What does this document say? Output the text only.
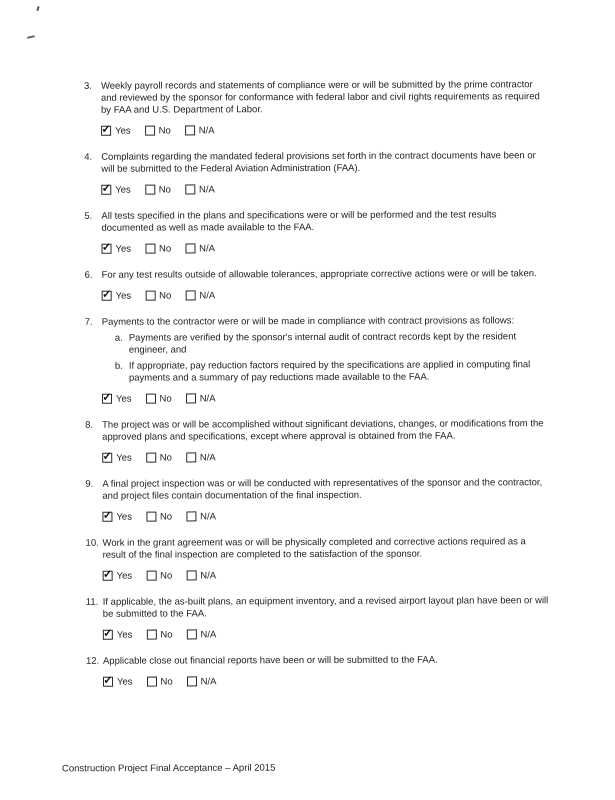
3. Weekly payroll records and statements of compliance were or will be submitted by the prime contractor and reviewed by the sponsor for conformance with federal labor and civil rights requirements as required by FAA and U.S. Department of Labor.
✓ Yes	No	N/A
4. Complaints regarding the mandated federal provisions set forth in the contract documents have been or will be submitted to the Federal Aviation Administration (FAA).
✓ Yes	No	N/A
5. All tests specified in the plans and specifications were or will be performed and the test results documented as well as made available to the FAA.
✓ Yes	No	N/A
6. For any test results outside of allowable tolerances, appropriate corrective actions were or will be taken.
✓ Yes	No	N/A
7. Payments to the contractor were or will be made in compliance with contract provisions as follows:
a. Payments are verified by the sponsor's internal audit of contract records kept by the resident engineer, and
b. If appropriate, pay reduction factors required by the specifications are applied in computing final payments and a summary of pay reductions made available to the FAA.
✓ Yes	No	N/A
8. The project was or will be accomplished without significant deviations, changes, or modifications from the approved plans and specifications, except where approval is obtained from the FAA.
✓ Yes	No	N/A
9. A final project inspection was or will be conducted with representatives of the sponsor and the contractor, and project files contain documentation of the final inspection.
✓ Yes	No	N/A
10. Work in the grant agreement was or will be physically completed and corrective actions required as a result of the final inspection are completed to the satisfaction of the sponsor.
✓ Yes	No	N/A
11. If applicable, the as-built plans, an equipment inventory, and a revised airport layout plan have been or will be submitted to the FAA.
✓ Yes	No	N/A
12. Applicable close out financial reports have been or will be submitted to the FAA.
✓ Yes	No	N/A
Construction Project Final Acceptance – April 2015
